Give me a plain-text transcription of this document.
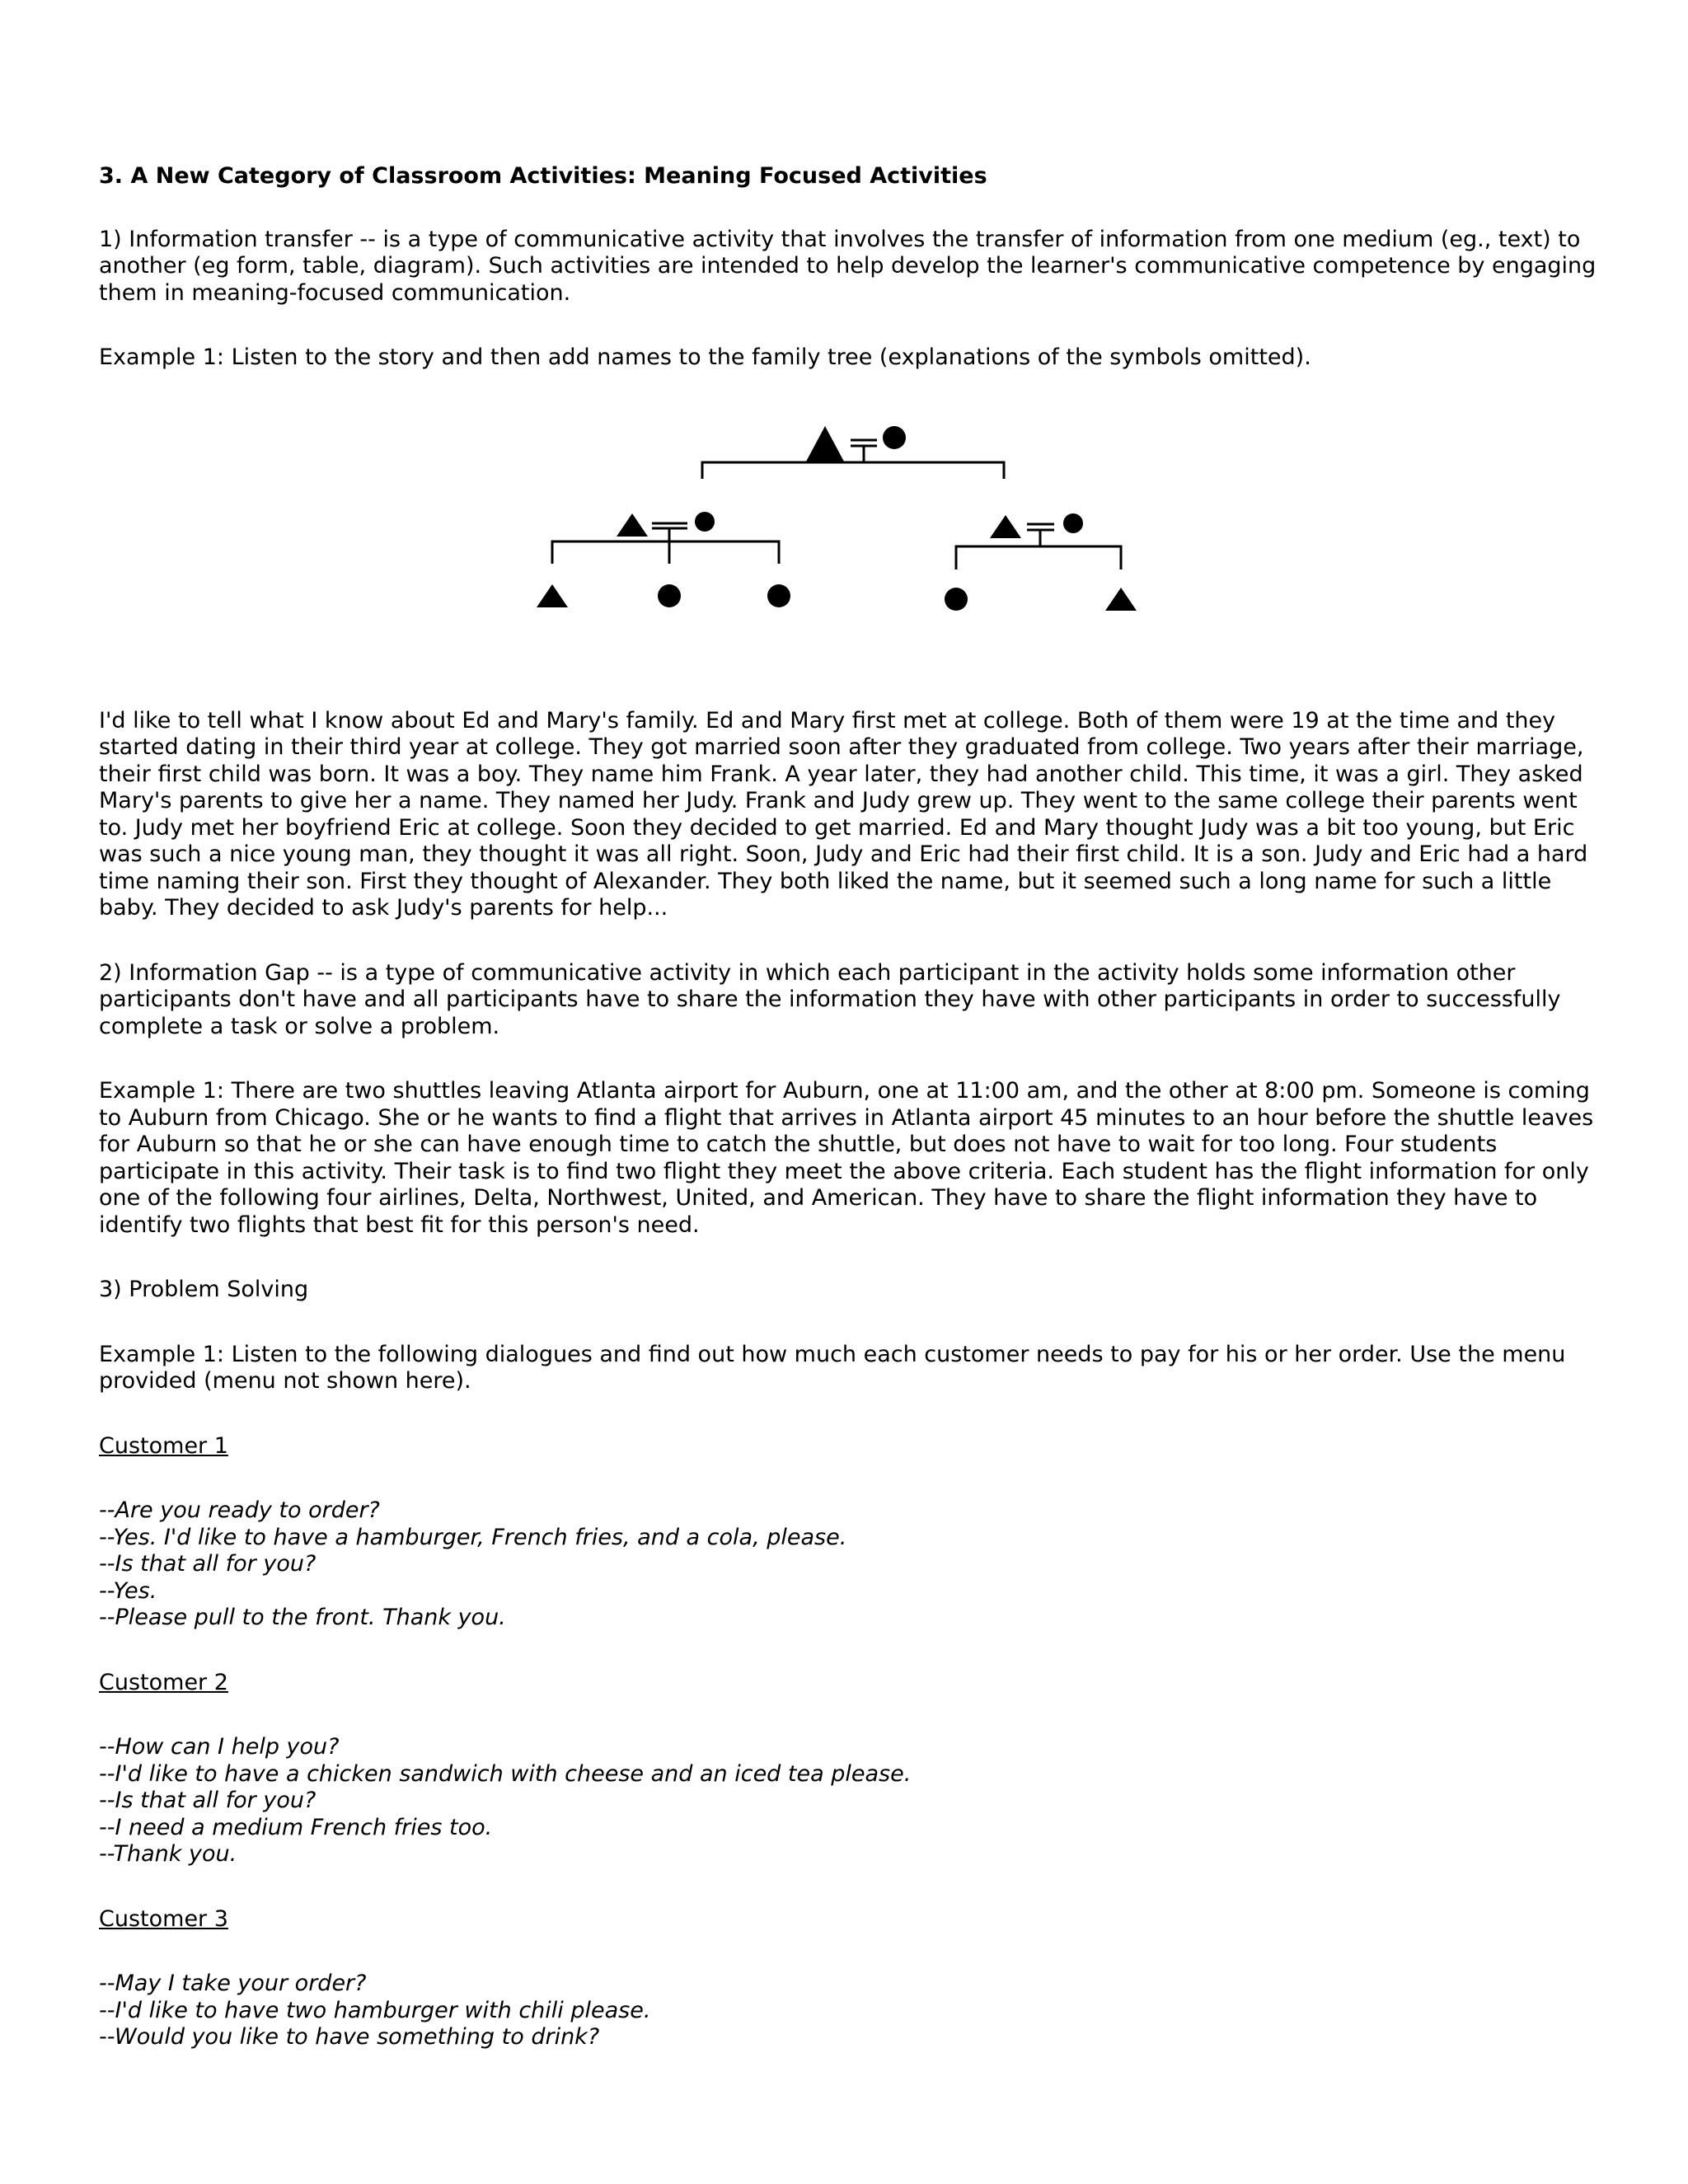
3. A New Category of Classroom Activities: Meaning Focused Activities

1) Information transfer -- is a type of communicative activity that involves the transfer of information from one medium (eg., text) to another (eg form, table, diagram). Such activities are intended to help develop the learner's communicative competence by engaging them in meaning-focused communication.

Example 1: Listen to the story and then add names to the family tree (explanations of the symbols omitted).

I'd like to tell what I know about Ed and Mary's family. Ed and Mary first met at college. Both of them were 19 at the time and they started dating in their third year at college. They got married soon after they graduated from college. Two years after their marriage, their first child was born. It was a boy. They name him Frank. A year later, they had another child. This time, it was a girl. They asked Mary's parents to give her a name. They named her Judy. Frank and Judy grew up. They went to the same college their parents went to. Judy met her boyfriend Eric at college. Soon they decided to get married. Ed and Mary thought Judy was a bit too young, but Eric was such a nice young man, they thought it was all right. Soon, Judy and Eric had their first child. It is a son. Judy and Eric had a hard time naming their son. First they thought of Alexander. They both liked the name, but it seemed such a long name for such a little baby. They decided to ask Judy's parents for help...

2) Information Gap -- is a type of communicative activity in which each participant in the activity holds some information other participants don't have and all participants have to share the information they have with other participants in order to successfully complete a task or solve a problem.

Example 1: There are two shuttles leaving Atlanta airport for Auburn, one at 11:00 am, and the other at 8:00 pm. Someone is coming to Auburn from Chicago. She or he wants to find a flight that arrives in Atlanta airport 45 minutes to an hour before the shuttle leaves for Auburn so that he or she can have enough time to catch the shuttle, but does not have to wait for too long. Four students participate in this activity. Their task is to find two flight they meet the above criteria. Each student has the flight information for only one of the following four airlines, Delta, Northwest, United, and American. They have to share the flight information they have to identify two flights that best fit for this person's need.

3) Problem Solving

Example 1: Listen to the following dialogues and find out how much each customer needs to pay for his or her order. Use the menu provided (menu not shown here).

Customer 1

--Are you ready to order?

--Yes. I'd like to have a hamburger, French fries, and a cola, please.

--Is that all for you?

--Yes.

--Please pull to the front. Thank you.

Customer 2

--How can I help you?

--I'd like to have a chicken sandwich with cheese and an iced tea please.

--Is that all for you?

--I need a medium French fries too.

--Thank you.

Customer 3

--May I take your order?

--I'd like to have two hamburger with chili please.

--Would you like to have something to drink?
